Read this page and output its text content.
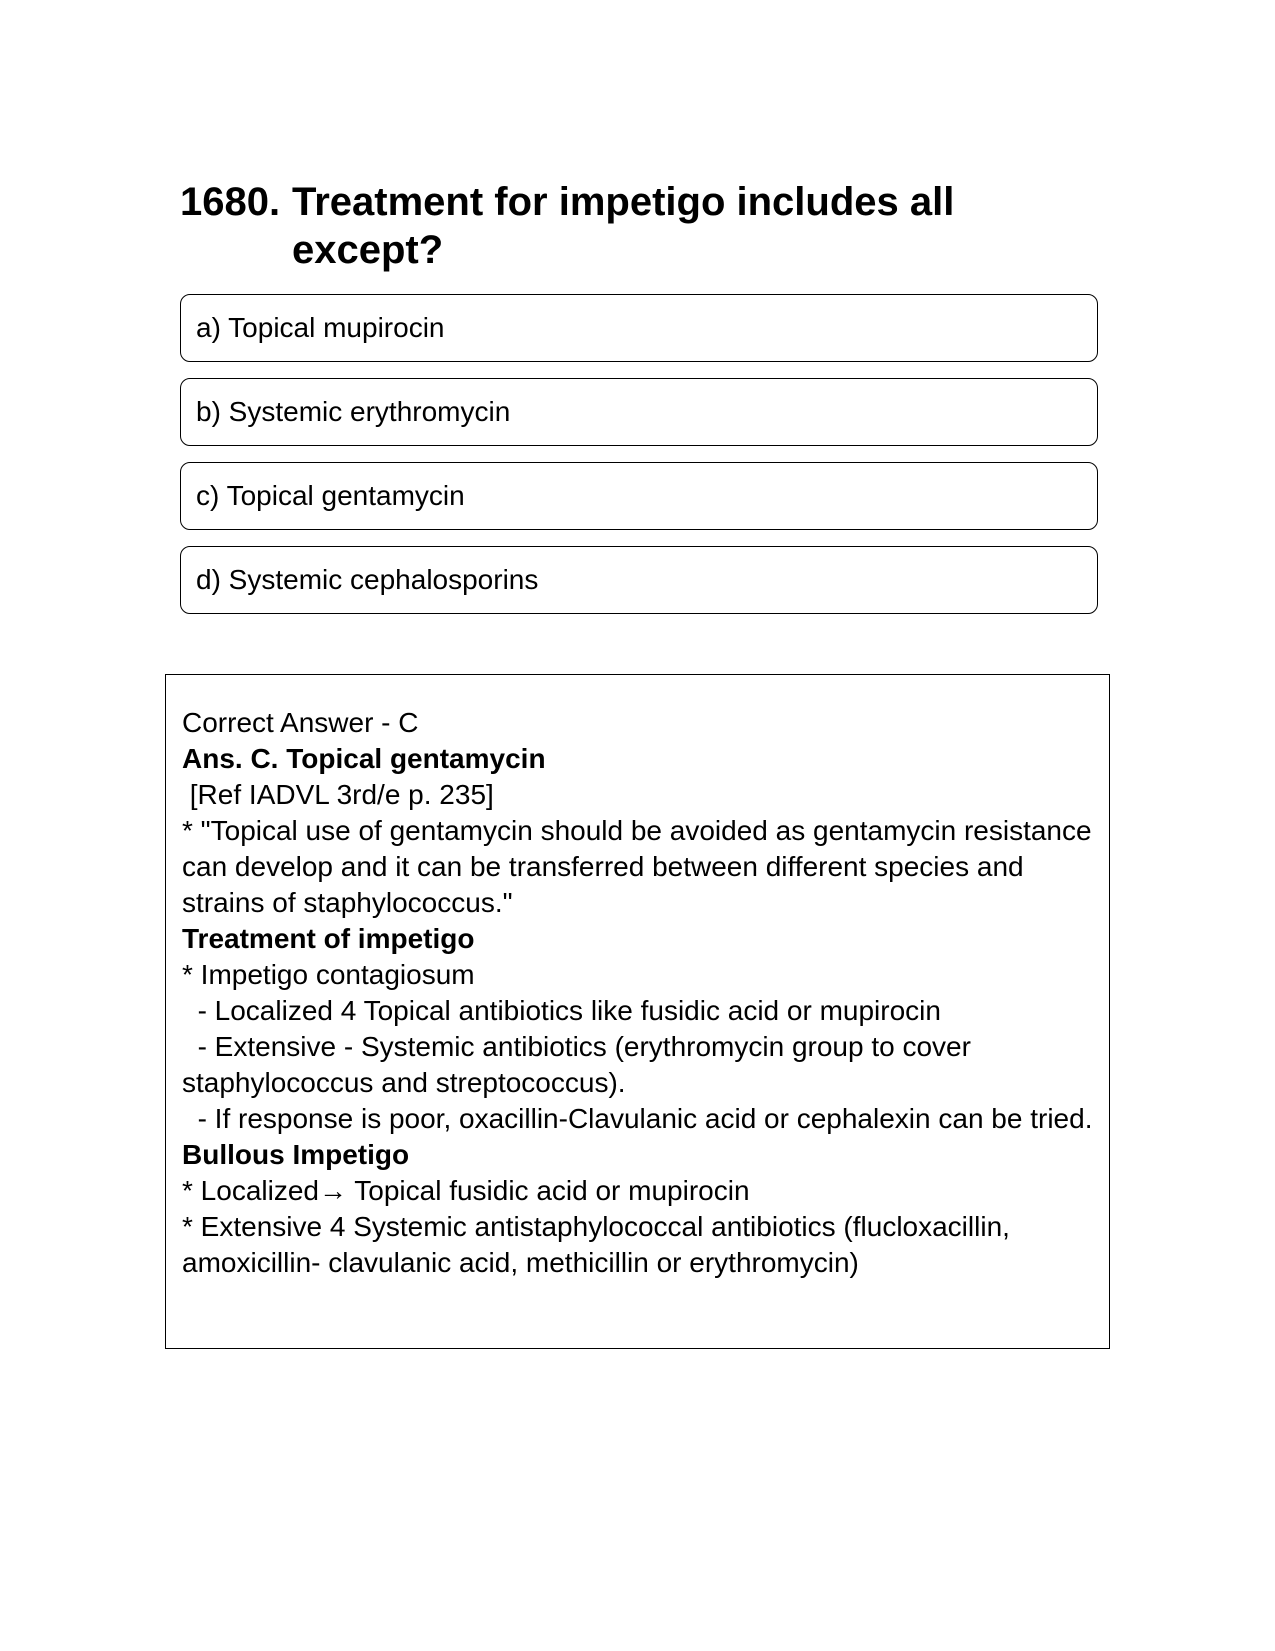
1680. Treatment for impetigo includes all except?
a) Topical mupirocin
b) Systemic erythromycin
c) Topical gentamycin
d) Systemic cephalosporins
Correct Answer - C
Ans. C. Topical gentamycin
[Ref IADVL 3rd/e p. 235]
* "Topical use of gentamycin should be avoided as gentamycin resistance can develop and it can be transferred between different species and strains of staphylococcus."
Treatment of impetigo
* Impetigo contagiosum
- Localized 4 Topical antibiotics like fusidic acid or mupirocin
- Extensive - Systemic antibiotics (erythromycin group to cover staphylococcus and streptococcus).
- If response is poor, oxacillin-Clavulanic acid or cephalexin can be tried.
Bullous Impetigo
* Localized→ Topical fusidic acid or mupirocin
* Extensive 4 Systemic antistaphylococcal antibiotics (flucloxacillin, amoxicillin- clavulanic acid, methicillin or erythromycin)
